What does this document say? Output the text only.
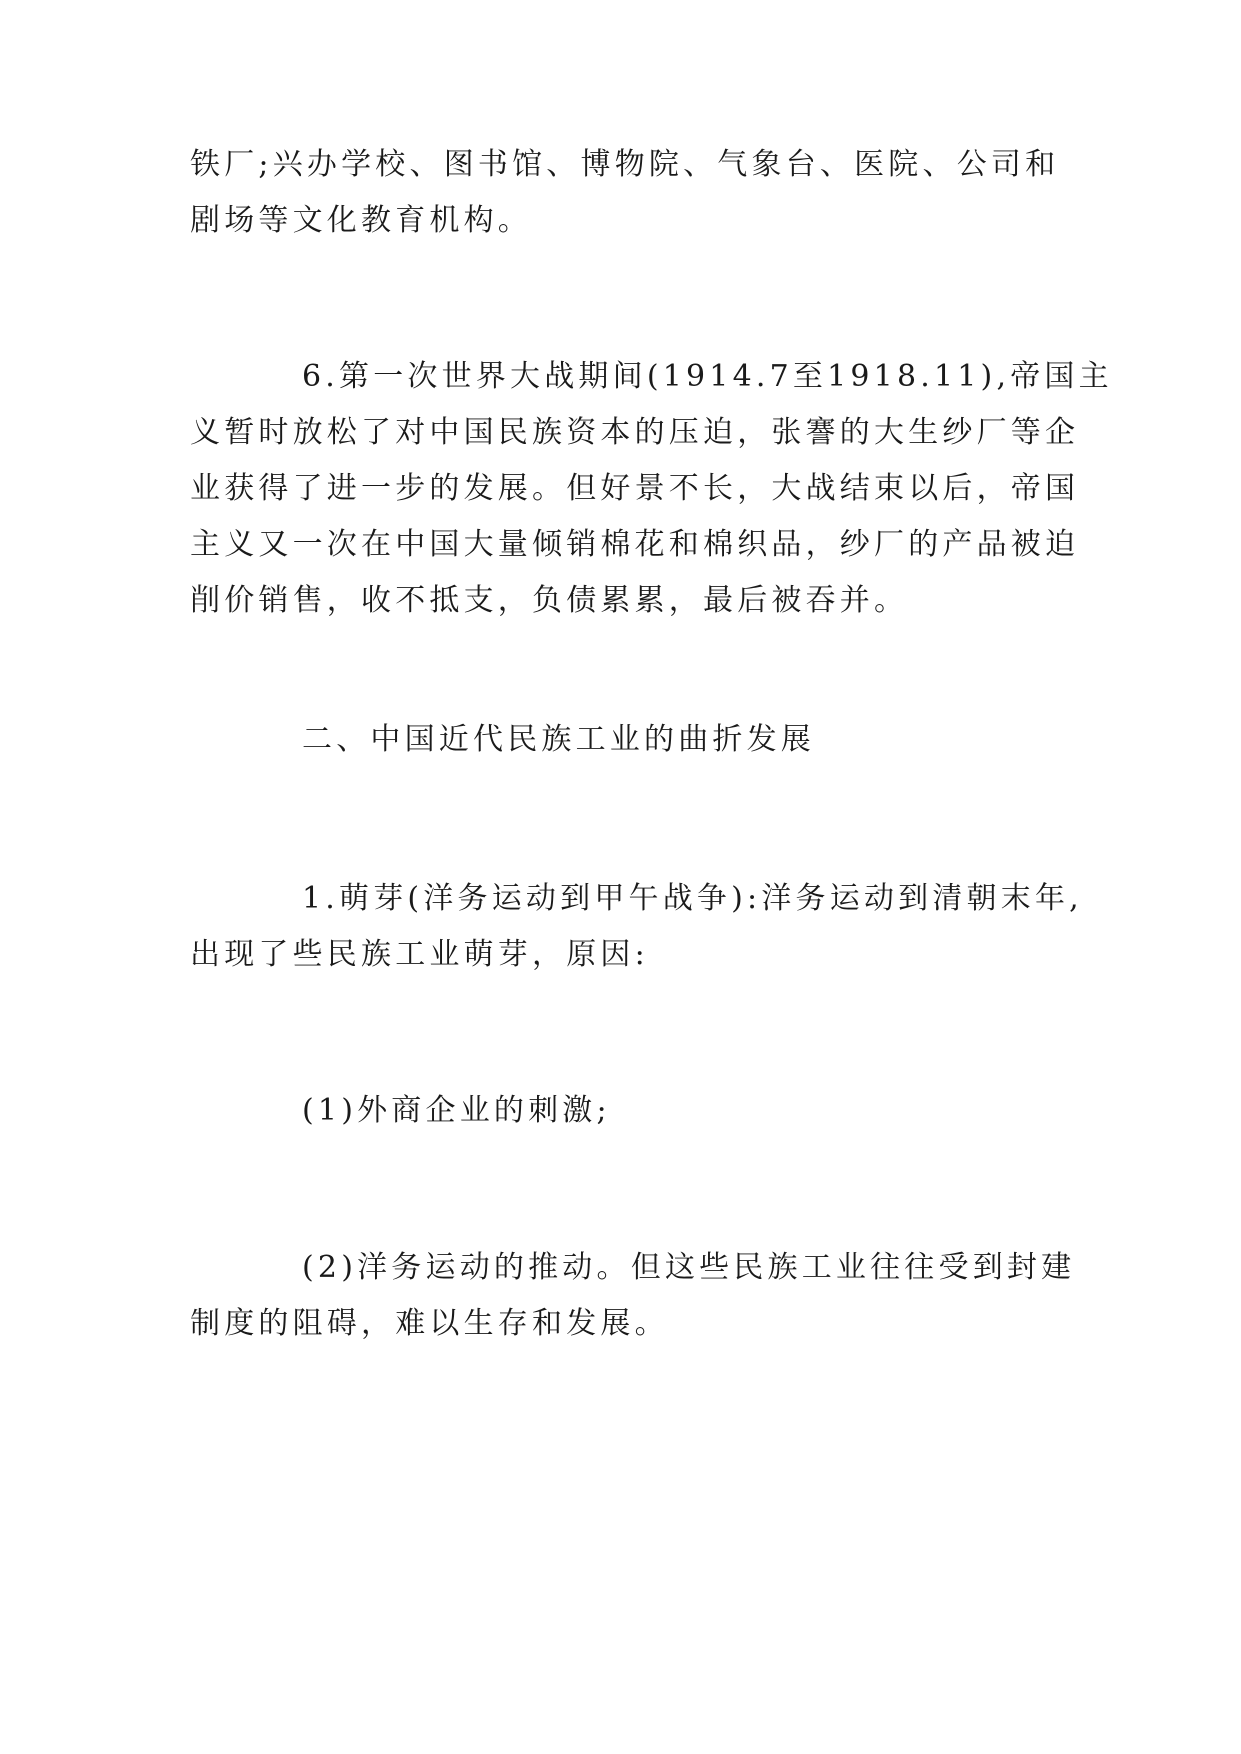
铁厂;兴办学校、图书馆、博物院、气象台、医院、公司和
剧场等文化教育机构。

6.第一次世界大战期间(1914.7至1918.11),帝国主
义暂时放松了对中国民族资本的压迫，张謇的大生纱厂等企
业获得了进一步的发展。但好景不长，大战结束以后，帝国
主义又一次在中国大量倾销棉花和棉织品，纱厂的产品被迫
削价销售，收不抵支，负债累累，最后被吞并。

二、中国近代民族工业的曲折发展

1.萌芽(洋务运动到甲午战争):洋务运动到清朝末年,
出现了些民族工业萌芽，原因:

(1)外商企业的刺激;

(2)洋务运动的推动。但这些民族工业往往受到封建
制度的阻碍，难以生存和发展。
